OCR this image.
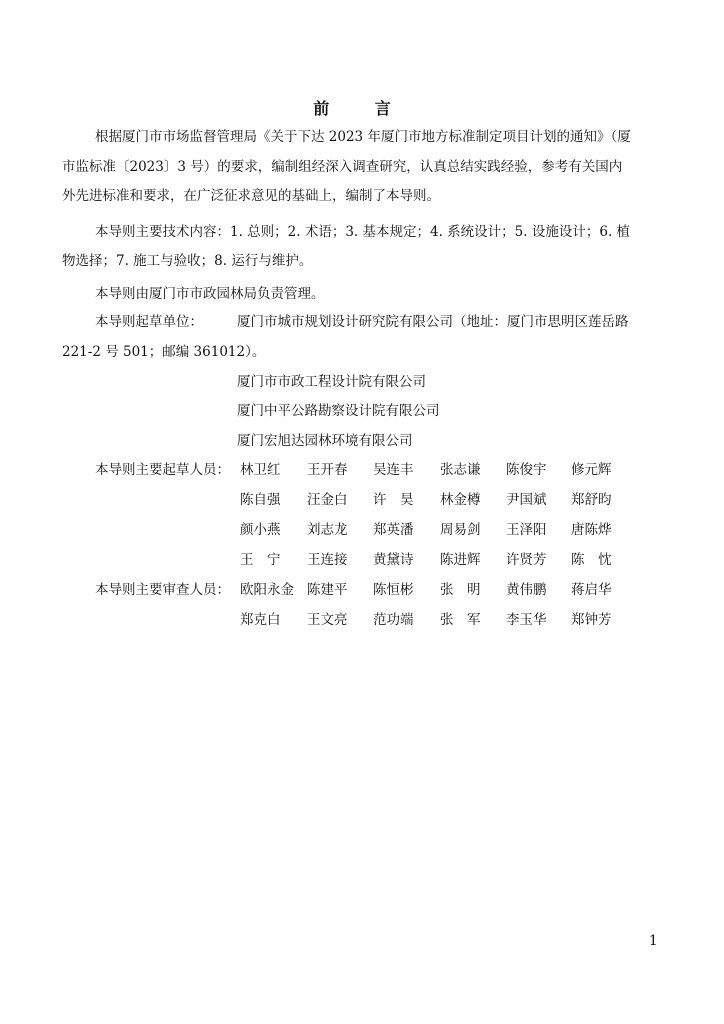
前 言
根据厦门市市场监督管理局《关于下达 2023 年厦门市地方标准制定项目计划的通知》（厦
市监标准〔2023〕3 号）的要求，编制组经深入调查研究，认真总结实践经验，参考有关国内
外先进标准和要求，在广泛征求意见的基础上，编制了本导则。
本导则主要技术内容：1. 总则；2. 术语；3. 基本规定；4. 系统设计；5. 设施设计；6. 植
物选择；7. 施工与验收；8. 运行与维护。
本导则由厦门市市政园林局负责管理。
本导则起草单位：	厦门市城市规划设计研究院有限公司（地址：厦门市思明区莲岳路
221-2 号 501；邮编 361012）。
厦门市市政工程设计院有限公司
厦门中平公路勘察设计院有限公司
厦门宏旭达园林环境有限公司
本导则主要起草人员： 林卫红 王开春 吴连丰 张志谦 陈俊宇 修元辉
陈自强 汪金白 许　昊 林金樽 尹国斌 郑舒昀
颜小燕 刘志龙 郑英潘 周易剑 王泽阳 唐陈烨
王　宁 王连接 黄黛诗 陈进辉 许贤芳 陈　忱
本导则主要审查人员： 欧阳永金 陈建平 陈恒彬 张　明 黄伟鹏 蒋启华
郑克白 王文亮 范功端 张　军 李玉华 郑钟芳
1
